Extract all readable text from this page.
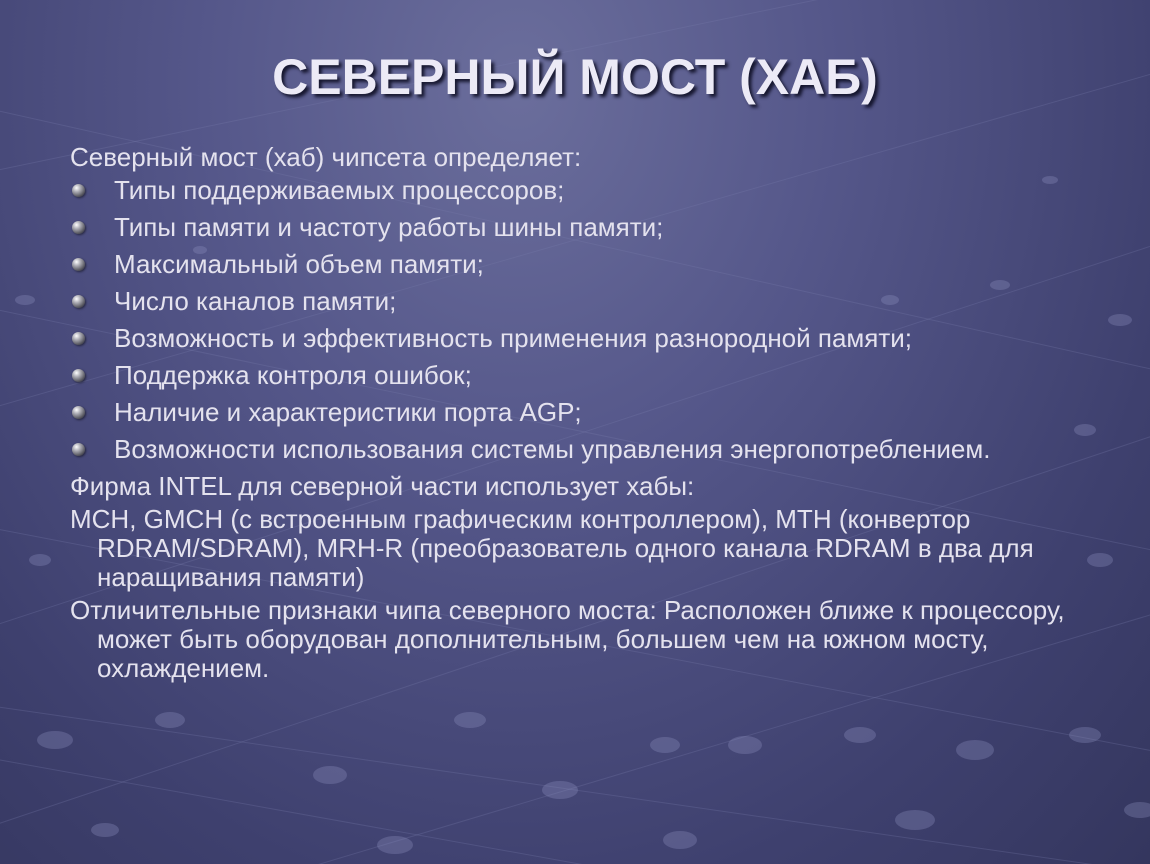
СЕВЕРНЫЙ МОСТ (ХАБ)

Северный мост (хаб) чипсета определяет:

Типы поддерживаемых процессоров;
Типы памяти и частоту работы шины памяти;
Максимальный объем памяти;
Число каналов памяти;
Возможность и эффективность применения разнородной памяти;
Поддержка контроля ошибок;
Наличие и характеристики порта AGP;
Возможности использования системы управления энергопотреблением.

Фирма INTEL для северной части использует хабы:

MCH, GMCH (с встроенным графическим контроллером), MTH (конвертор RDRAM/SDRAM), MRH-R (преобразователь одного канала RDRAM в два для наращивания памяти)

Отличительные признаки чипа северного моста: Расположен ближе к процессору, может быть оборудован дополнительным, большем чем на южном мосту, охлаждением.
